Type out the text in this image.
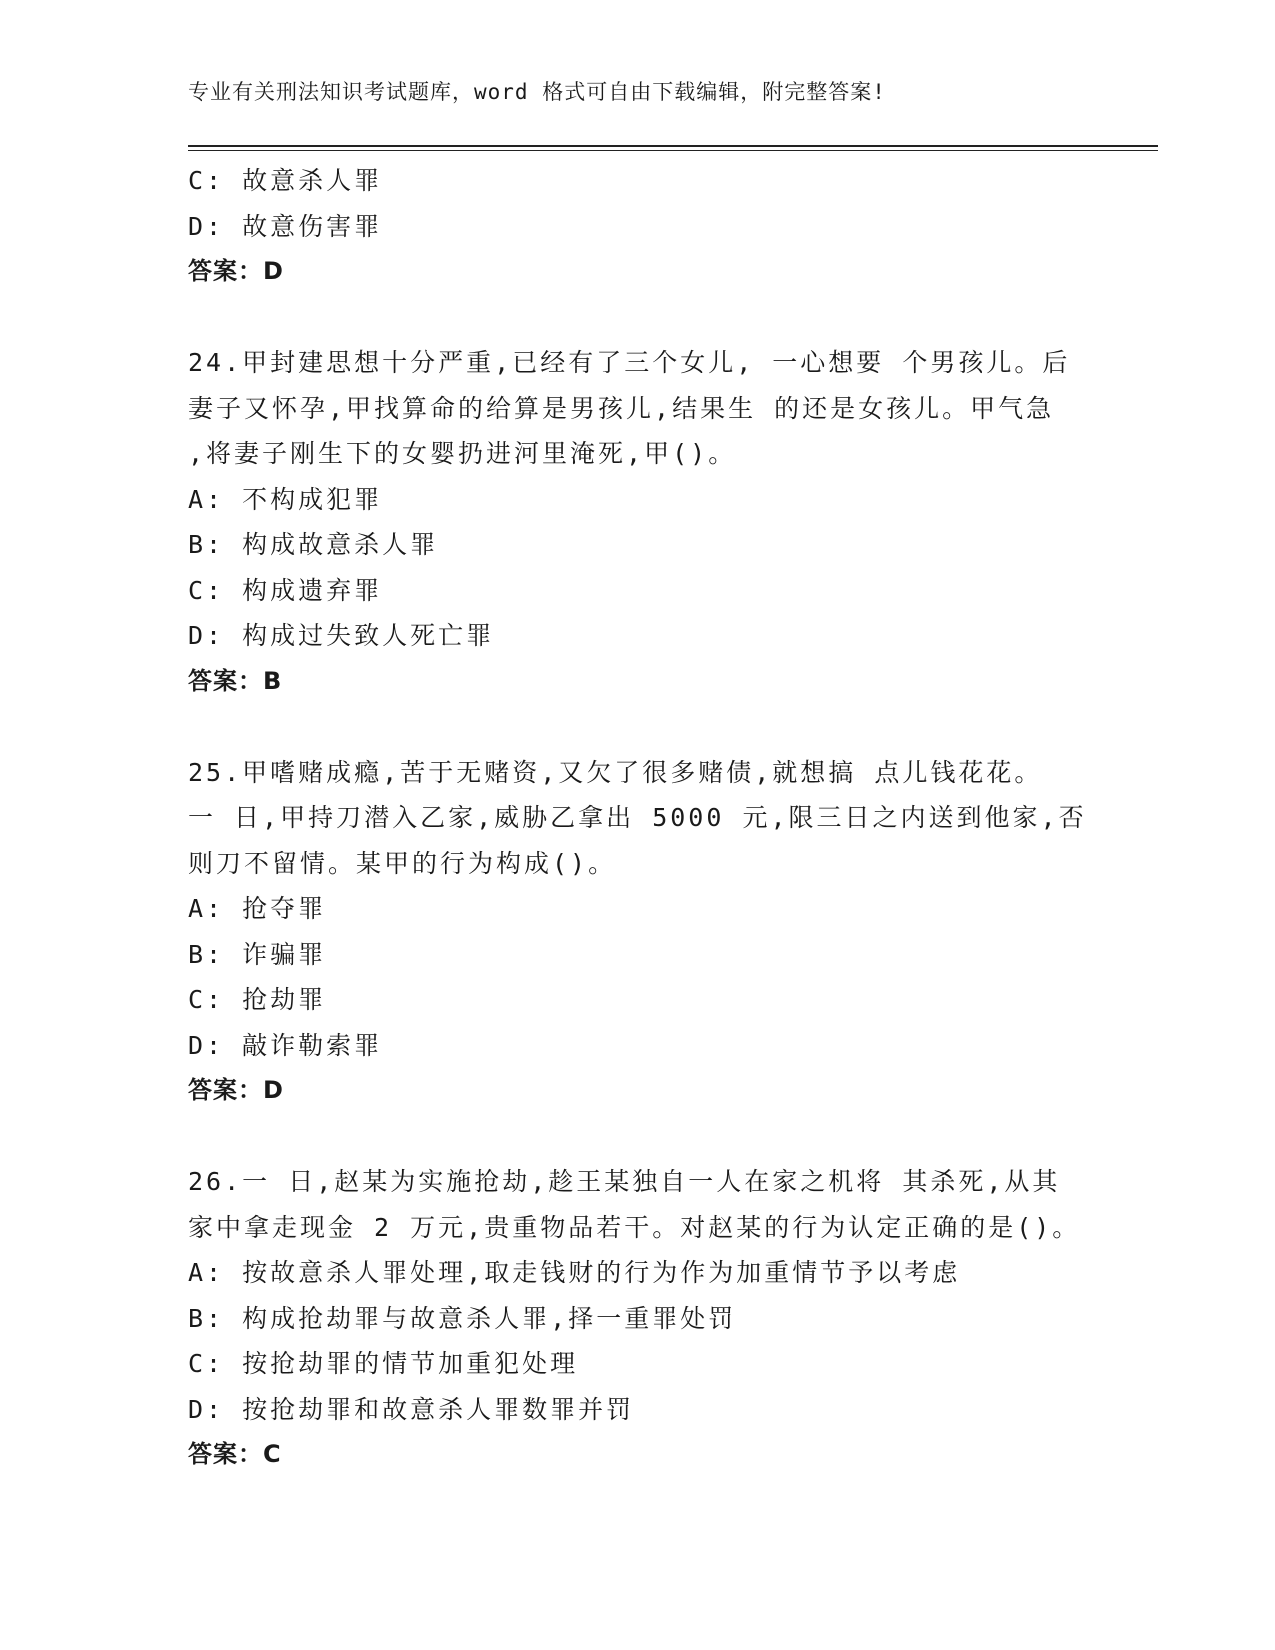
专业有关刑法知识考试题库，word 格式可自由下载编辑，附完整答案!
C: 故意杀人罪
D: 故意伤害罪
答案：D
24.甲封建思想十分严重,已经有了三个女儿, 一心想要 个男孩儿。后
妻子又怀孕,甲找算命的给算是男孩儿,结果生 的还是女孩儿。甲气急
,将妻子刚生下的女婴扔进河里淹死,甲()。
A: 不构成犯罪
B: 构成故意杀人罪
C: 构成遗弃罪
D: 构成过失致人死亡罪
答案：B
25.甲嗜赌成瘾,苦于无赌资,又欠了很多赌债,就想搞 点儿钱花花。
一 日,甲持刀潜入乙家,威胁乙拿出 5000 元,限三日之内送到他家,否
则刀不留情。某甲的行为构成()。
A: 抢夺罪
B: 诈骗罪
C: 抢劫罪
D: 敲诈勒索罪
答案：D
26.一 日,赵某为实施抢劫,趁王某独自一人在家之机将 其杀死,从其
家中拿走现金 2 万元,贵重物品若干。对赵某的行为认定正确的是()。
A: 按故意杀人罪处理,取走钱财的行为作为加重情节予以考虑
B: 构成抢劫罪与故意杀人罪,择一重罪处罚
C: 按抢劫罪的情节加重犯处理
D: 按抢劫罪和故意杀人罪数罪并罚
答案：C
